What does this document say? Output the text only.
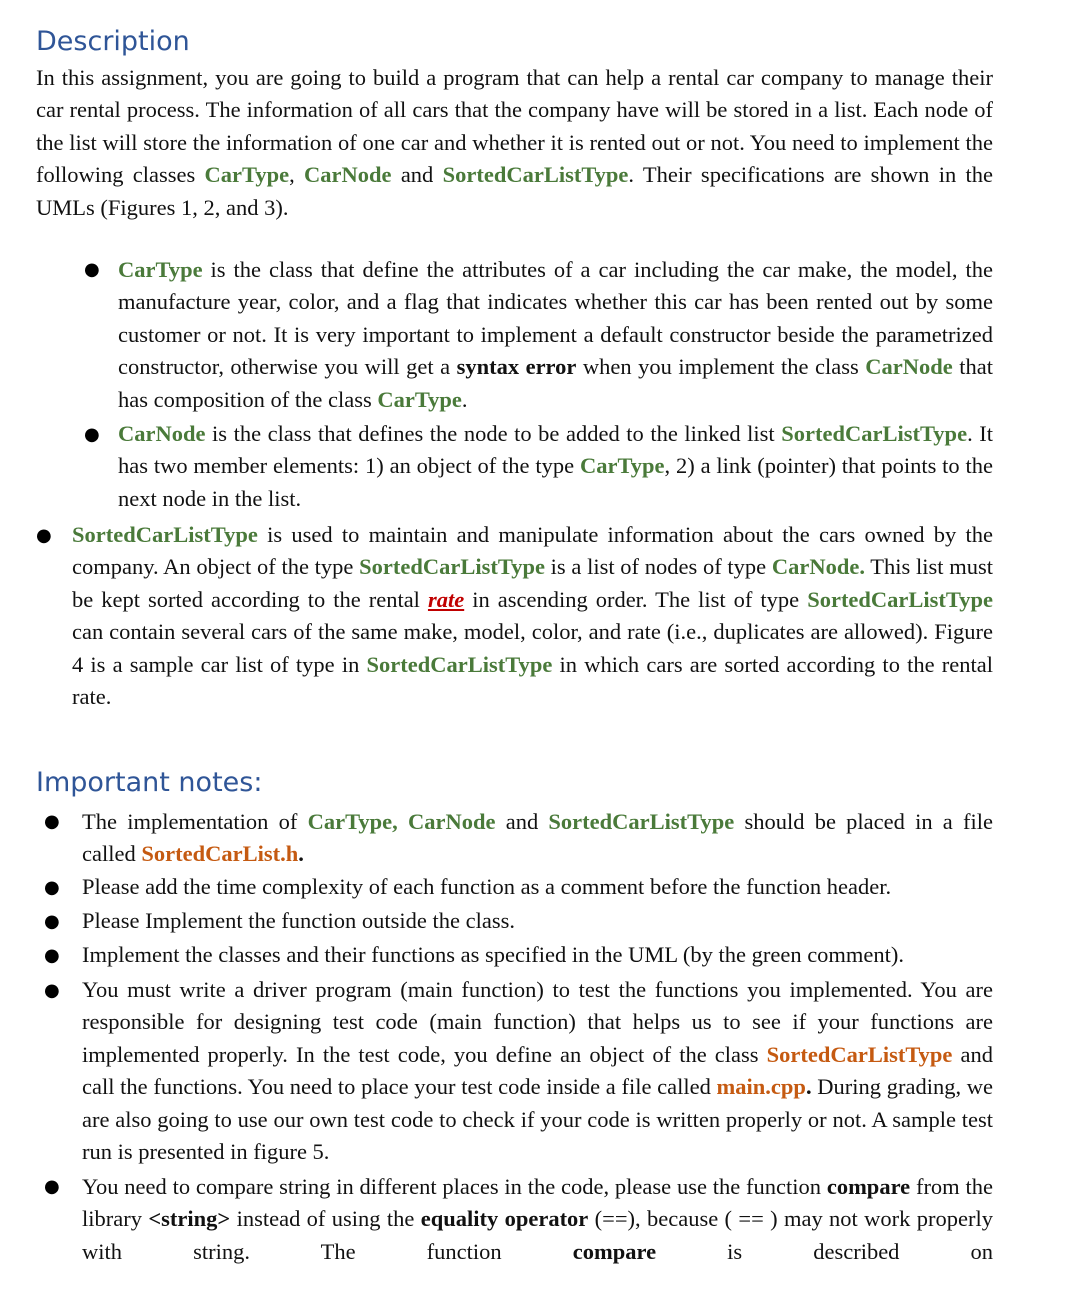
Description

In this assignment, you are going to build a program that can help a rental car company to manage their car rental process. The information of all cars that the company have will be stored in a list. Each node of the list will store the information of one car and whether it is rented out or not. You need to implement the following classes CarType, CarNode and SortedCarListType. Their specifications are shown in the UMLs (Figures 1, 2, and 3).

● CarType is the class that define the attributes of a car including the car make, the model, the manufacture year, color, and a flag that indicates whether this car has been rented out by some customer or not. It is very important to implement a default constructor beside the parametrized constructor, otherwise you will get a syntax error when you implement the class CarNode that has composition of the class CarType.

● CarNode is the class that defines the node to be added to the linked list SortedCarListType. It has two member elements: 1) an object of the type CarType, 2) a link (pointer) that points to the next node in the list.

● SortedCarListType is used to maintain and manipulate information about the cars owned by the company. An object of the type SortedCarListType is a list of nodes of type CarNode. This list must be kept sorted according to the rental rate in ascending order. The list of type SortedCarListType can contain several cars of the same make, model, color, and rate (i.e., duplicates are allowed). Figure 4 is a sample car list of type in SortedCarListType in which cars are sorted according to the rental rate.

Important notes:
● The implementation of CarType, CarNode and SortedCarListType should be placed in a file called SortedCarList.h.

● Please add the time complexity of each function as a comment before the function header.

● Please Implement the function outside the class.

● Implement the classes and their functions as specified in the UML (by the green comment).

● You must write a driver program (main function) to test the functions you implemented. You are responsible for designing test code (main function) that helps us to see if your functions are implemented properly. In the test code, you define an object of the class SortedCarListType and call the functions. You need to place your test code inside a file called main.cpp. During grading, we are also going to use our own test code to check if your code is written properly or not. A sample test run is presented in figure 5.

● You need to compare string in different places in the code, please use the function compare from the library <string> instead of using the equality operator (==), because ( == ) may not work properly with string. The function compare is described on
